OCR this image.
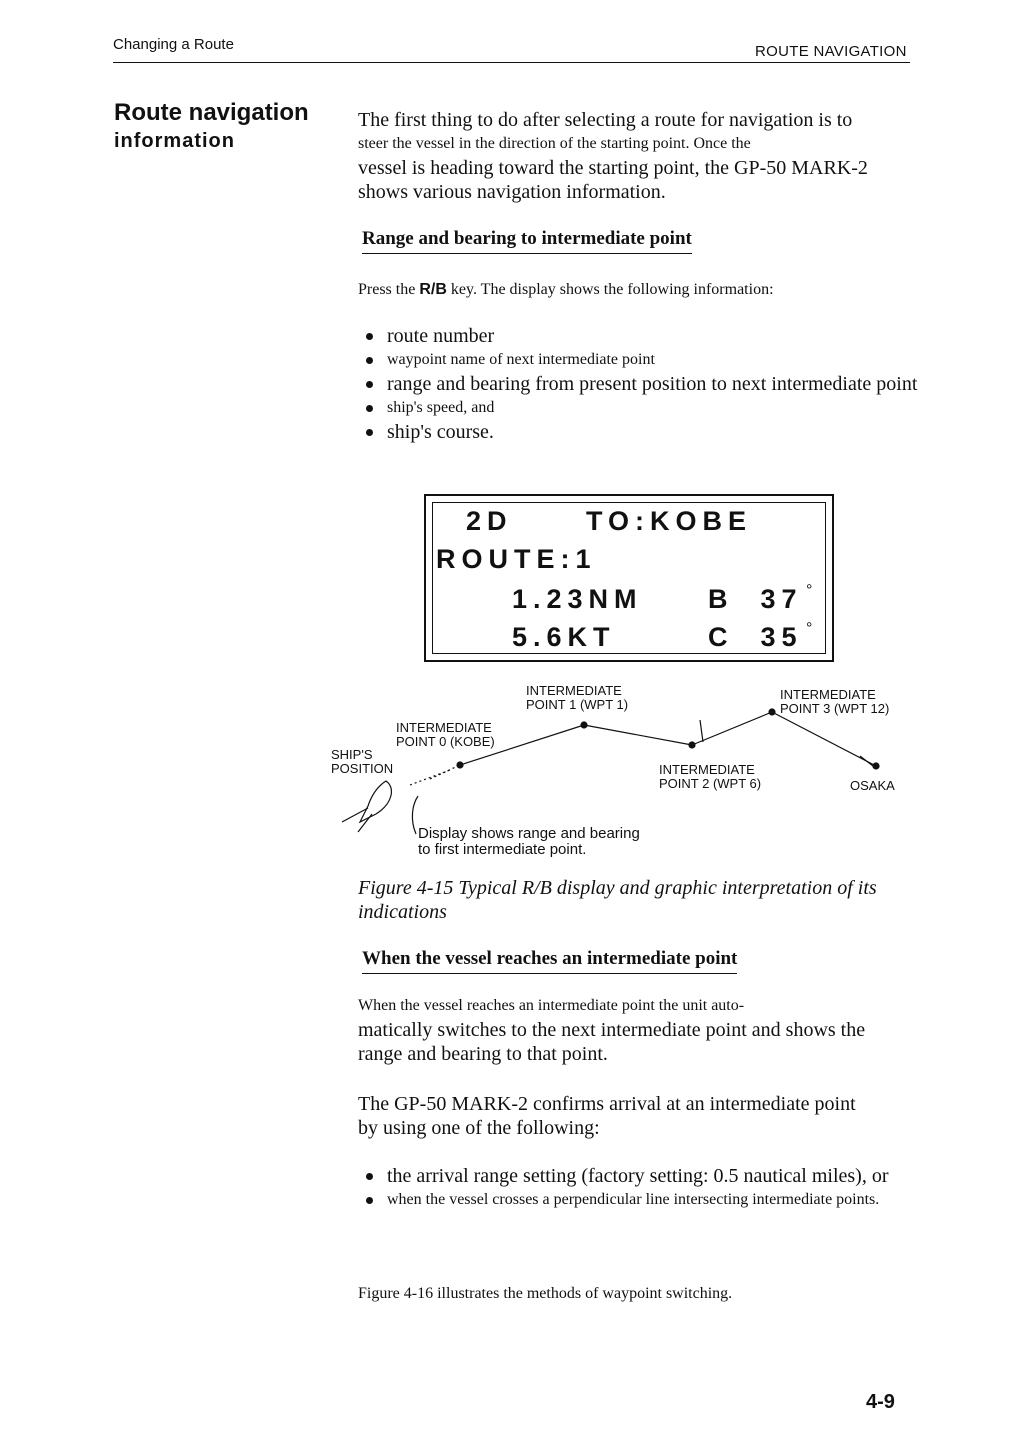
Changing a Route	ROUTE NAVIGATION
Route navigation
information
The first thing to do after selecting a route for navigation is to
steer the vessel in the direction of the starting point. Once the
vessel is heading toward the starting point, the GP-50 MARK-2
shows various navigation information.
Range and bearing to intermediate point
Press the R/B key. The display shows the following information:
route number
waypoint name of next intermediate point
range and bearing from present position to next intermediate point
ship's speed, and
ship's course.
2D	TO:KOBE
ROUTE:1
1.23NM B  37 °
5.6KT	C  35 °
INTERMEDIATE
POINT 1 (WPT 1)
INTERMEDIATE
POINT 3 (WPT 12)
INTERMEDIATE
POINT 0 (KOBE)
SHIP'S
POSITION	INTERMEDIATE
POINT 2 (WPT 6)	OSAKA
Display shows range and bearing
to first intermediate point.
Figure 4-15 Typical R/B display and graphic interpretation of its
indications
When the vessel reaches an intermediate point
When the vessel reaches an intermediate point the unit auto-
matically switches to the next intermediate point and shows the
range and bearing to that point.
The GP-50 MARK-2 confirms arrival at an intermediate point
by using one of the following:
the arrival range setting (factory setting: 0.5 nautical miles), or
when the vessel crosses a perpendicular line intersecting intermediate points.
Figure 4-16 illustrates the methods of waypoint switching.
4-9
